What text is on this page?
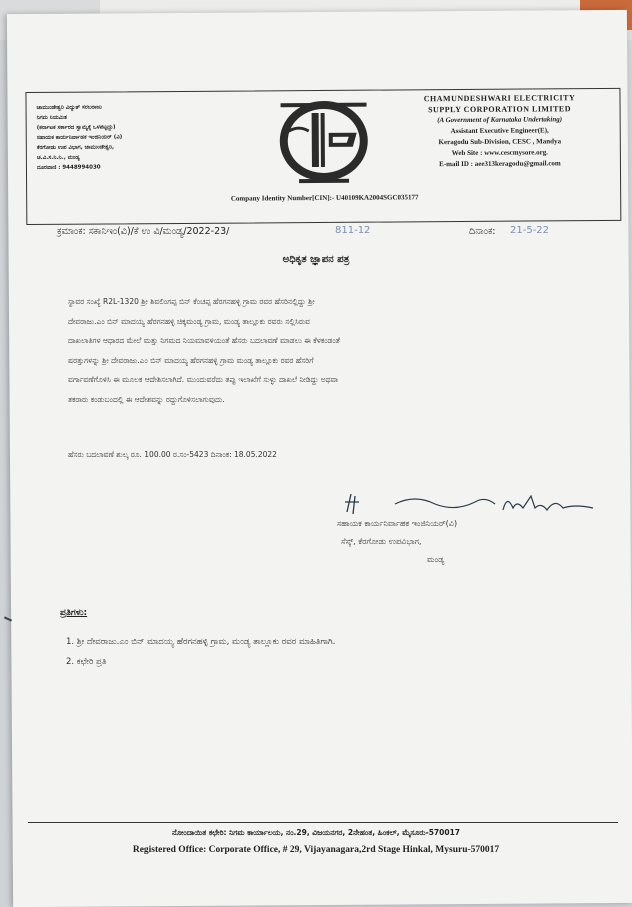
ಚಾಮುಂಡೇಶ್ವರಿ ವಿದ್ಯುತ್ ಸರಬರಾಜು
ನಿಗಮ ನಿಯಮಿತ
(ಕರ್ನಾಟಕ ಸರ್ಕಾರದ ಸ್ವಾಮ್ಯಕ್ಕೆ ಒಳಪಟ್ಟದ್ದು)
ಸಹಾಯಕ ಕಾರ್ಯನಿರ್ವಾಹಕ ಇಂಜಿನಿಯರ್ (ವಿ)
ಕೆರಗೋಡು ಉಪ ವಿಭಾಗ, ಚಾಮುಂಡೇಶ್ವರಿ,
ಚ.ವಿ.ಸ.ನಿ.ನಿ., ಮಂಡ್ಯ
ದೂರವಾಣಿ : 9448994030
CHAMUNDESHWARI ELECTRICITY
SUPPLY CORPORATION LIMITED
(A Government of Karnataka Undertaking)
Assistant Executive Engineer(E),
Keragodu Sub-Division, CESC , Mandya
Web Site : www.cescmysore.org.
E-mail ID : aee313keragodu@gmail.com
Company Identity Number[CIN]:- U40109KA2004SGC035177
ಕ್ರಮಾಂಕ: ಸಕಾನಿಇಂ(ವಿ)/ಕೆ ಉ ವಿ/ಮಂಡ್ಯ/2022-23/	811-12	ದಿನಾಂಕ: 21-5-22
ಅಧಿಕೃತ ಜ್ಞಾಪನ ಪತ್ರ
ಸ್ಥಾವರ ಸಂಖ್ಯೆ R2L-1320 ಶ್ರೀ ಶಿವಲಿಂಗಪ್ಪ ಬಿನ್ ಕೆಂಚಪ್ಪ ಹೆರಗನಹಳ್ಳಿ ಗ್ರಾಮ ರವರ ಹೆಸರಿನಲ್ಲಿದ್ದು ಶ್ರೀ
ದೇವರಾಜು.ಎಂ ಬಿನ್ ಮಾದಯ್ಯ ಹೆರಗನಹಳ್ಳಿ ಚಿಕ್ಕಮಂಡ್ಯ ಗ್ರಾಮ, ಮಂಡ್ಯ ತಾಲ್ಲೂಕು ರವರು ಸಲ್ಲಿಸಿರುವ
ದಾಖಲಾತಿಗಳ ಆಧಾರದ ಮೇಲೆ ಮತ್ತು ನಿಗಮದ ನಿಯಮಾವಳಿಯಂತೆ ಹೆಸರು ಬದಲಾವಣೆ ಮಾಡಲು ಈ ಕೆಳಕಂಡಂತೆ
ಷರತ್ತುಗಳನ್ನು ಶ್ರೀ ದೇವರಾಜು.ಎಂ ಬಿನ್ ಮಾದಯ್ಯ ಹೆರಗನಹಳ್ಳಿ ಗ್ರಾಮ ಮಂಡ್ಯ ತಾಲ್ಲೂಕು ರವರ ಹೆಸರಿಗೆ
ವರ್ಗಾವಣೆಗೊಳಿಸಿ ಈ ಮೂಲಕ ಆದೇಶಿಸಲಾಗಿದೆ. ಮುಂದುವರೆದು ತಪ್ಪು ಇಲಾಖೆಗೆ ಸುಳ್ಳು ದಾಖಲೆ ನೀಡಿದ್ದು ಅಥವಾ
ತಕರಾರು ಕಂಡುಬಂದಲ್ಲಿ ಈ ಆದೇಶವನ್ನು ರದ್ದುಗೊಳಿಸಲಾಗುವುದು.
ಹೆಸರು ಬದಲಾವಣೆ ಶುಲ್ಕ ರೂ. 100.00 ರ.ಸಂ-5423 ದಿನಾಂಕ: 18.05.2022
ಸಹಾಯಕ ಕಾರ್ಯನಿರ್ವಾಹಕ ಇಂಜಿನಿಯರ್(ವಿ)
ಸೆಸ್ಕ್, ಕೆರಗೋಡು ಉಪವಿಭಾಗ,
ಮಂಡ್ಯ
ಪ್ರತಿಗಳು:
1. ಶ್ರೀ ದೇವರಾಜು.ಎಂ ಬಿನ್ ಮಾದಯ್ಯ ಹೆರಗನಹಳ್ಳಿ ಗ್ರಾಮ, ಮಂಡ್ಯ ತಾಲ್ಲೂಕು ರವರ ಮಾಹಿತಿಗಾಗಿ.
2. ಕಛೇರಿ ಪ್ರತಿ
ನೋಂದಾಯಿತ ಕಛೇರಿ: ನಿಗಮ ಕಾರ್ಯಾಲಯ, ನಂ.29, ವಿಜಯನಗರ, 2ನೇಹಂತ, ಹಿಂಕಲ್, ಮೈಸೂರು-570017
Registered Office: Corporate Office, # 29, Vijayanagara,2rd Stage Hinkal, Mysuru-570017
